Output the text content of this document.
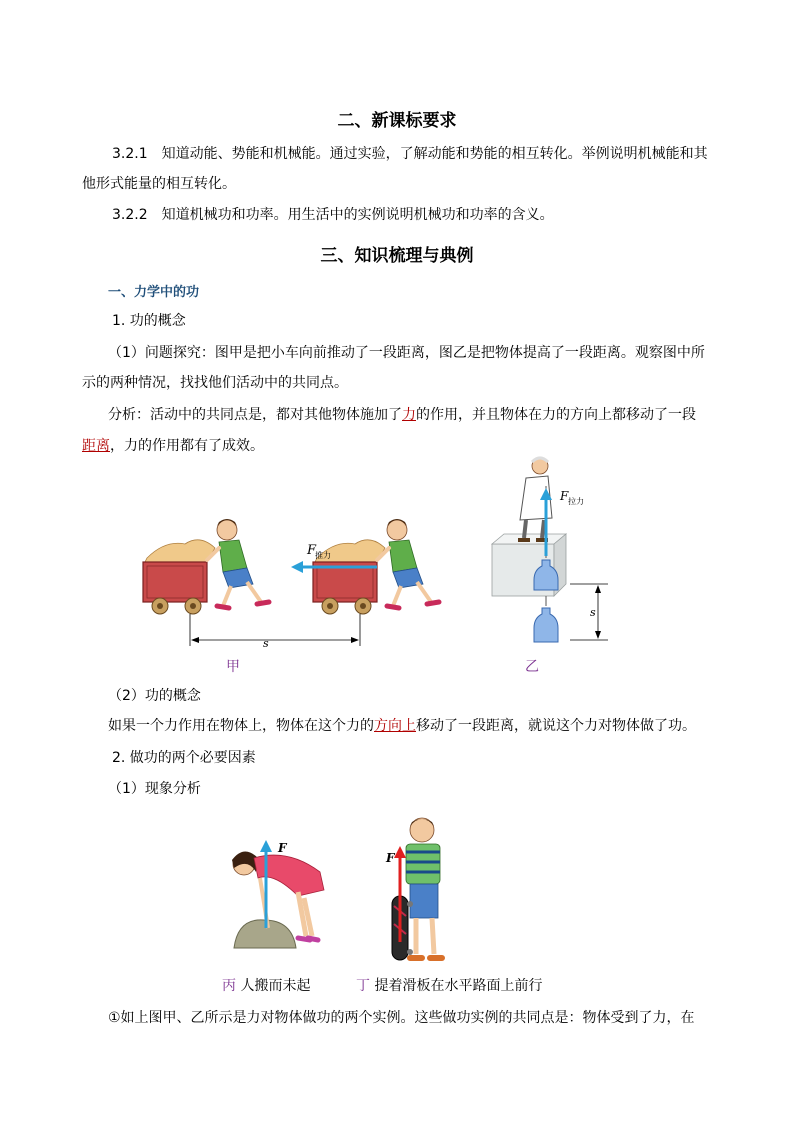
二、新课标要求
3.2.1　知道动能、势能和机械能。通过实验，了解动能和势能的相互转化。举例说明机械能和其
他形式能量的相互转化。
3.2.2　知道机械功和功率。用生活中的实例说明机械功和功率的含义。
三、知识梳理与典例
一、力学中的功
1. 功的概念
（1）问题探究：图甲是把小车向前推动了一段距离，图乙是把物体提高了一段距离。观察图中所
示的两种情况，找找他们活动中的共同点。
分析：活动中的共同点是，都对其他物体施加了力的作用，并且物体在力的方向上都移动了一段
距离，力的作用都有了成效。
F
推力
s
甲
F 拉力
s
乙
（2）功的概念
如果一个力作用在物体上，物体在这个力的方向上移动了一段距离，就说这个力对物体做了功。
2. 做功的两个必要因素
（1）现象分析
F
F
丙 人搬而未起	丁 提着滑板在水平路面上前行
①如上图甲、乙所示是力对物体做功的两个实例。这些做功实例的共同点是：物体受到了力，在
